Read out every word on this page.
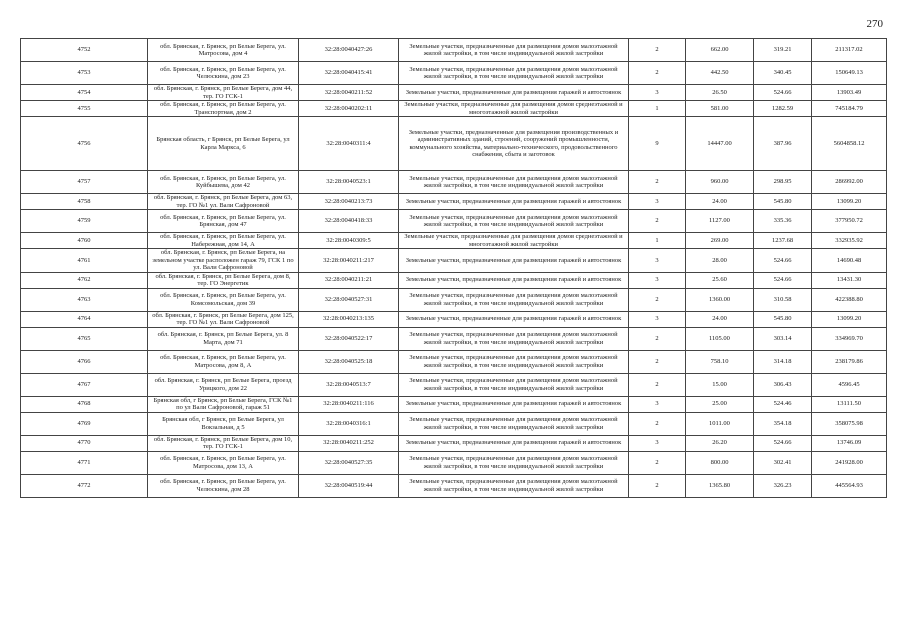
270
4752	обл. Брянская, г. Брянск, рп Белые Берега, ул. Матросова, дом 4	32:28:0040427:26	Земельные участки, предназначенные для размещения домов малоэтажной жилой застройки, в том числе индивидуальной жилой застройки	2	662.00	319.21	211317.02
4753	обл. Брянская, г. Брянск, рп Белые Берега, ул. Челюскина, дом 23	32:28:0040415:41	Земельные участки, предназначенные для размещения домов малоэтажной жилой застройки, в том числе индивидуальной жилой застройки	2	442.50	340.45	150649.13
4754	обл. Брянская, г. Брянск, рп Белые Берега, дом 44, тер. ГО ГСК-1	32:28:0040211:52	Земельные участки, предназначенные для размещения гаражей и автостоянок	3	26.50	524.66	13903.49
4755	обл. Брянская, г. Брянск, рп Белые Берега, ул. Транспортная, дом 2	32:28:0040202:11	Земельные участки, предназначенные для размещения домов среднеэтажной и многоэтажной жилой застройки	1	581.00	1282.59	745184.79
4756	Брянская область, г Брянск, рп Белые Берега, ул Карла Маркса, 6	32:28:0040311:4	Земельные участки, предназначенные для размещения производственных и административных зданий, строений, сооружений промышленности, коммунального хозяйства, материально-технического, продовольственного снабжения, сбыта и заготовок	9	14447.00	387.96	5604858.12
4757	обл. Брянская, г. Брянск, рп Белые Берега, ул. Куйбышева, дом 42	32:28:0040523:1	Земельные участки, предназначенные для размещения домов малоэтажной жилой застройки, в том числе индивидуальной жилой застройки	2	960.00	298.95	286992.00
4758	обл. Брянская, г. Брянск, рп Белые Берега, дом 63, тер. ГО №1 ул. Вали Сафроновой	32:28:0040213:73	Земельные участки, предназначенные для размещения гаражей и автостоянок	3	24.00	545.80	13099.20
4759	обл. Брянская, г. Брянск, рп Белые Берега, ул. Брянская, дом 47	32:28:0040418:33	Земельные участки, предназначенные для размещения домов малоэтажной жилой застройки, в том числе индивидуальной жилой застройки	2	1127.00	335.36	377950.72
4760	обл. Брянская, г. Брянск, рп Белые Берега, ул. Набережная, дом 14, А	32:28:0040309:5	Земельные участки, предназначенные для размещения домов среднеэтажной и многоэтажной жилой застройки	1	269.00	1237.68	332935.92
4761	обл. Брянская, г. Брянск, рп Белые Берега, на земельном участке расположен гараж 79, ГСК 1 по ул. Вали Сафроновой	32:28:0040211:217	Земельные участки, предназначенные для размещения гаражей и автостоянок	3	28.00	524.66	14690.48
4762	обл. Брянская, г. Брянск, рп Белые Берега, дом 8, тер. ГО Энергетик	32:28:0040211:21	Земельные участки, предназначенные для размещения гаражей и автостоянок	3	25.60	524.66	13431.30
4763	обл. Брянская, г. Брянск, рп Белые Берега, ул. Комсомольская, дом 39	32:28:0040527:31	Земельные участки, предназначенные для размещения домов малоэтажной жилой застройки, в том числе индивидуальной жилой застройки	2	1360.00	310.58	422388.80
4764	обл. Брянская, г. Брянск, рп Белые Берега, дом 125, тер. ГО №1 ул. Вали Сафроновой	32:28:0040213:135	Земельные участки, предназначенные для размещения гаражей и автостоянок	3	24.00	545.80	13099.20
4765	обл. Брянская, г. Брянск, рп Белые Берега, ул. 8 Марта, дом 71	32:28:0040522:17	Земельные участки, предназначенные для размещения домов малоэтажной жилой застройки, в том числе индивидуальной жилой застройки	2	1105.00	303.14	334969.70
4766	обл. Брянская, г. Брянск, рп Белые Берега, ул. Матросова, дом 8, А	32:28:0040525:18	Земельные участки, предназначенные для размещения домов малоэтажной жилой застройки, в том числе индивидуальной жилой застройки	2	758.10	314.18	238179.86
4767	обл. Брянская, г. Брянск, рп Белые Берега, проезд Урицкого, дом 22	32:28:0040513:7	Земельные участки, предназначенные для размещения домов малоэтажной жилой застройки, в том числе индивидуальной жилой застройки	2	15.00	306.43	4596.45
4768	Брянская обл, г Брянск, рп Белые Берега, ГСК №1 по ул Вали Сафроновой, гараж 51	32:28:0040211:116	Земельные участки, предназначенные для размещения гаражей и автостоянок	3	25.00	524.46	13111.50
4769	Брянская обл, г Брянск, рп Белые Берега, ул Вокзальная, д 5	32:28:0040316:1	Земельные участки, предназначенные для размещения домов малоэтажной жилой застройки, в том числе индивидуальной жилой застройки	2	1011.00	354.18	358075.98
4770	обл. Брянская, г. Брянск, рп Белые Берега, дом 10, тер. ГО ГСК-1	32:28:0040211:252	Земельные участки, предназначенные для размещения гаражей и автостоянок	3	26.20	524.66	13746.09
4771	обл. Брянская, г. Брянск, рп Белые Берега, ул. Матросова, дом 13, А	32:28:0040527:35	Земельные участки, предназначенные для размещения домов малоэтажной жилой застройки, в том числе индивидуальной жилой застройки	2	800.00	302.41	241928.00
4772	обл. Брянская, г. Брянск, рп Белые Берега, ул. Челюскина, дом 28	32:28:0040519:44	Земельные участки, предназначенные для размещения домов малоэтажной жилой застройки, в том числе индивидуальной жилой застройки	2	1365.80	326.23	445564.93
